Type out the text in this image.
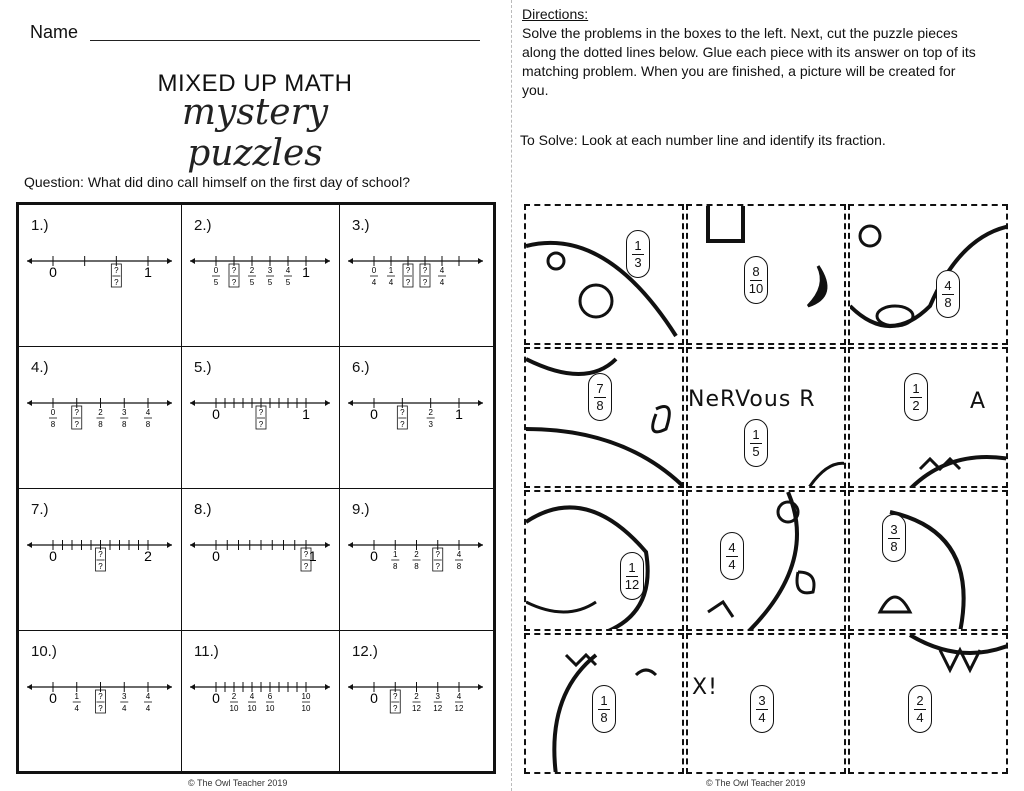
Name
MIXED UP MATH
mystery puzzles
Question: What did dino call himself on the first day of school?
1.)
0	?
?
1
2.)
0
5
?
?
2
5
3
5
4
5
1
3.)
0
4
1
4
?
?
?
?
4
4
4.)
0
8
?
?
2
8
3
8
4
8
5.)
0	?
?
1
6.)
0	?
?
2
3
1
7.)
0	?
?
2
8.)
0	?
?
1
9.)
0 1
8
2
8
?
?
4
8
10.)
0 1
4
?
?
3
4
4
4
11.)
0 2
10
4
10
6
10
10
10
12.)
0 ?
?
2
12
3
12
4
12
© The Owl Teacher 2019
Directions:
Solve the problems in the boxes to the left. Next, cut the puzzle pieces along the dotted lines below. Glue each piece with its answer on top of its matching problem. When you are finished, a picture will be created for you.
To Solve: Look at each number line and identify its fraction.
1
3
8
10	4
8
7
8
1
5
NeRVous R	1
2 A
1
12
4
4
3
8
1
8
3
4
X!	2
4
© The Owl Teacher 2019
